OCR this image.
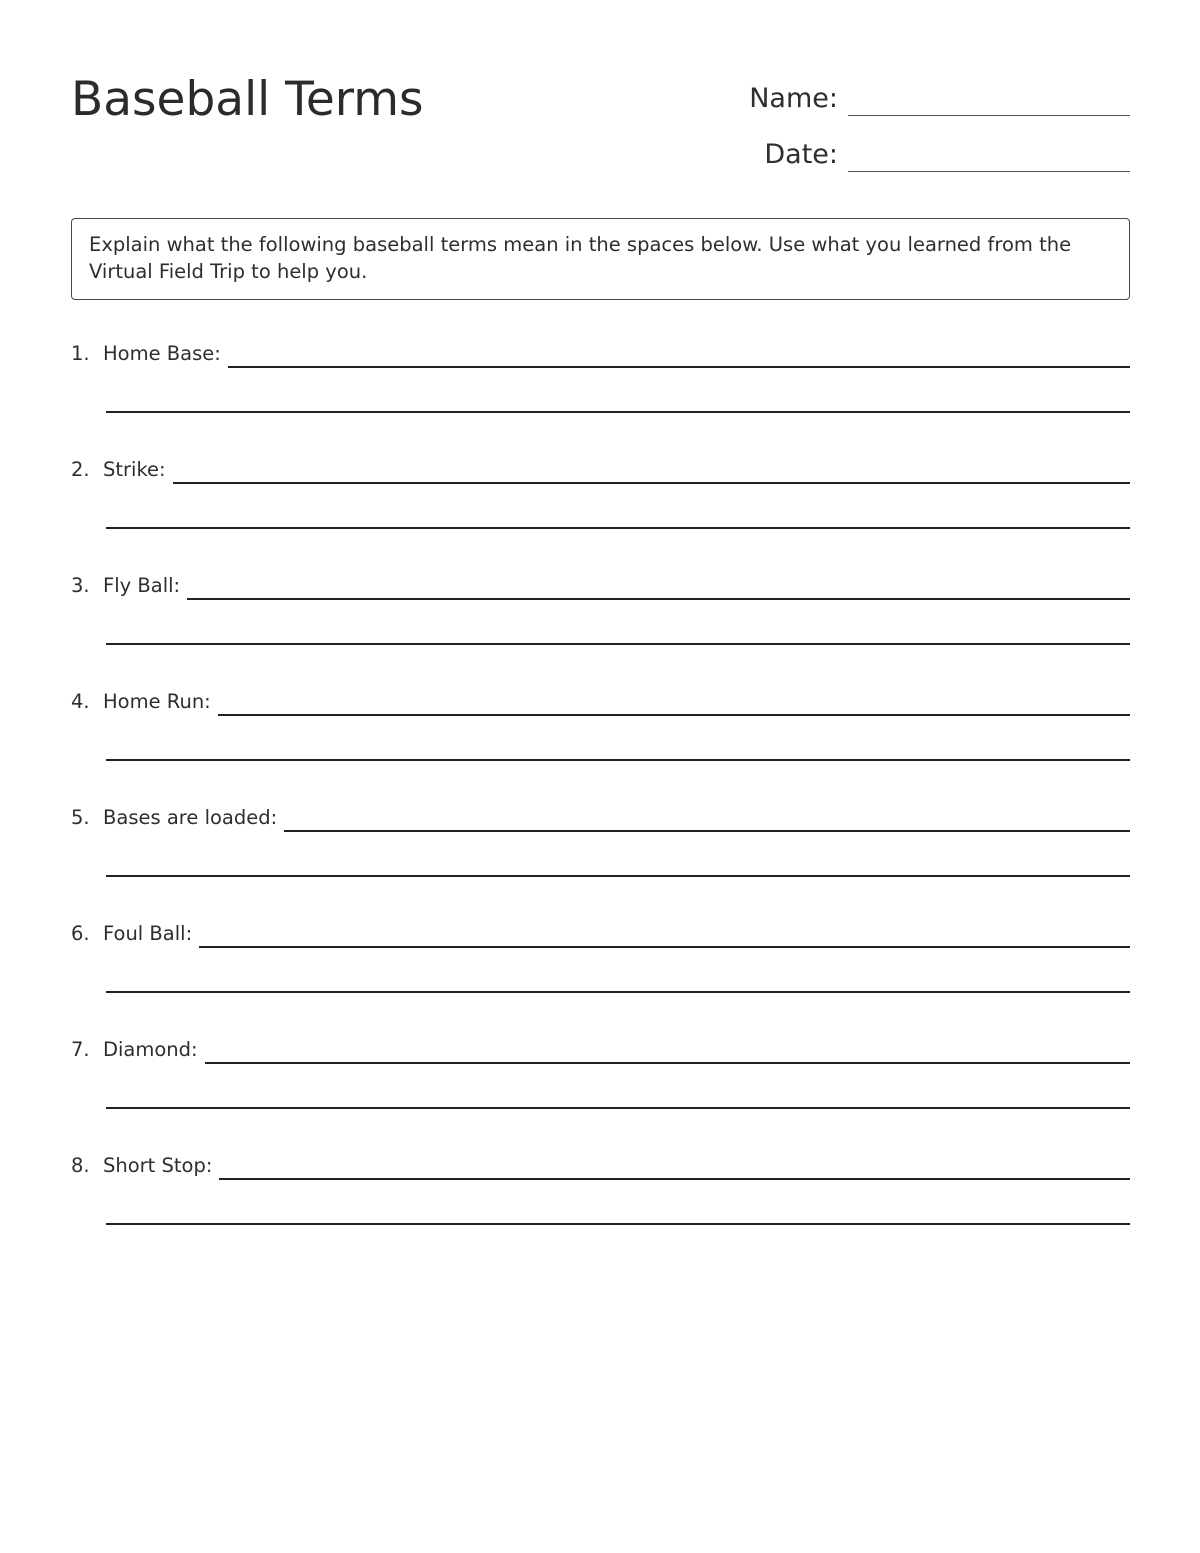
Baseball Terms	Name:
Date:
Explain what the following baseball terms mean in the spaces below. Use what you learned from the Virtual Field Trip to help you.
1. Home Base:
2. Strike:
3. Fly Ball:
4. Home Run:
5. Bases are loaded:
6. Foul Ball:
7. Diamond:
8. Short Stop:
